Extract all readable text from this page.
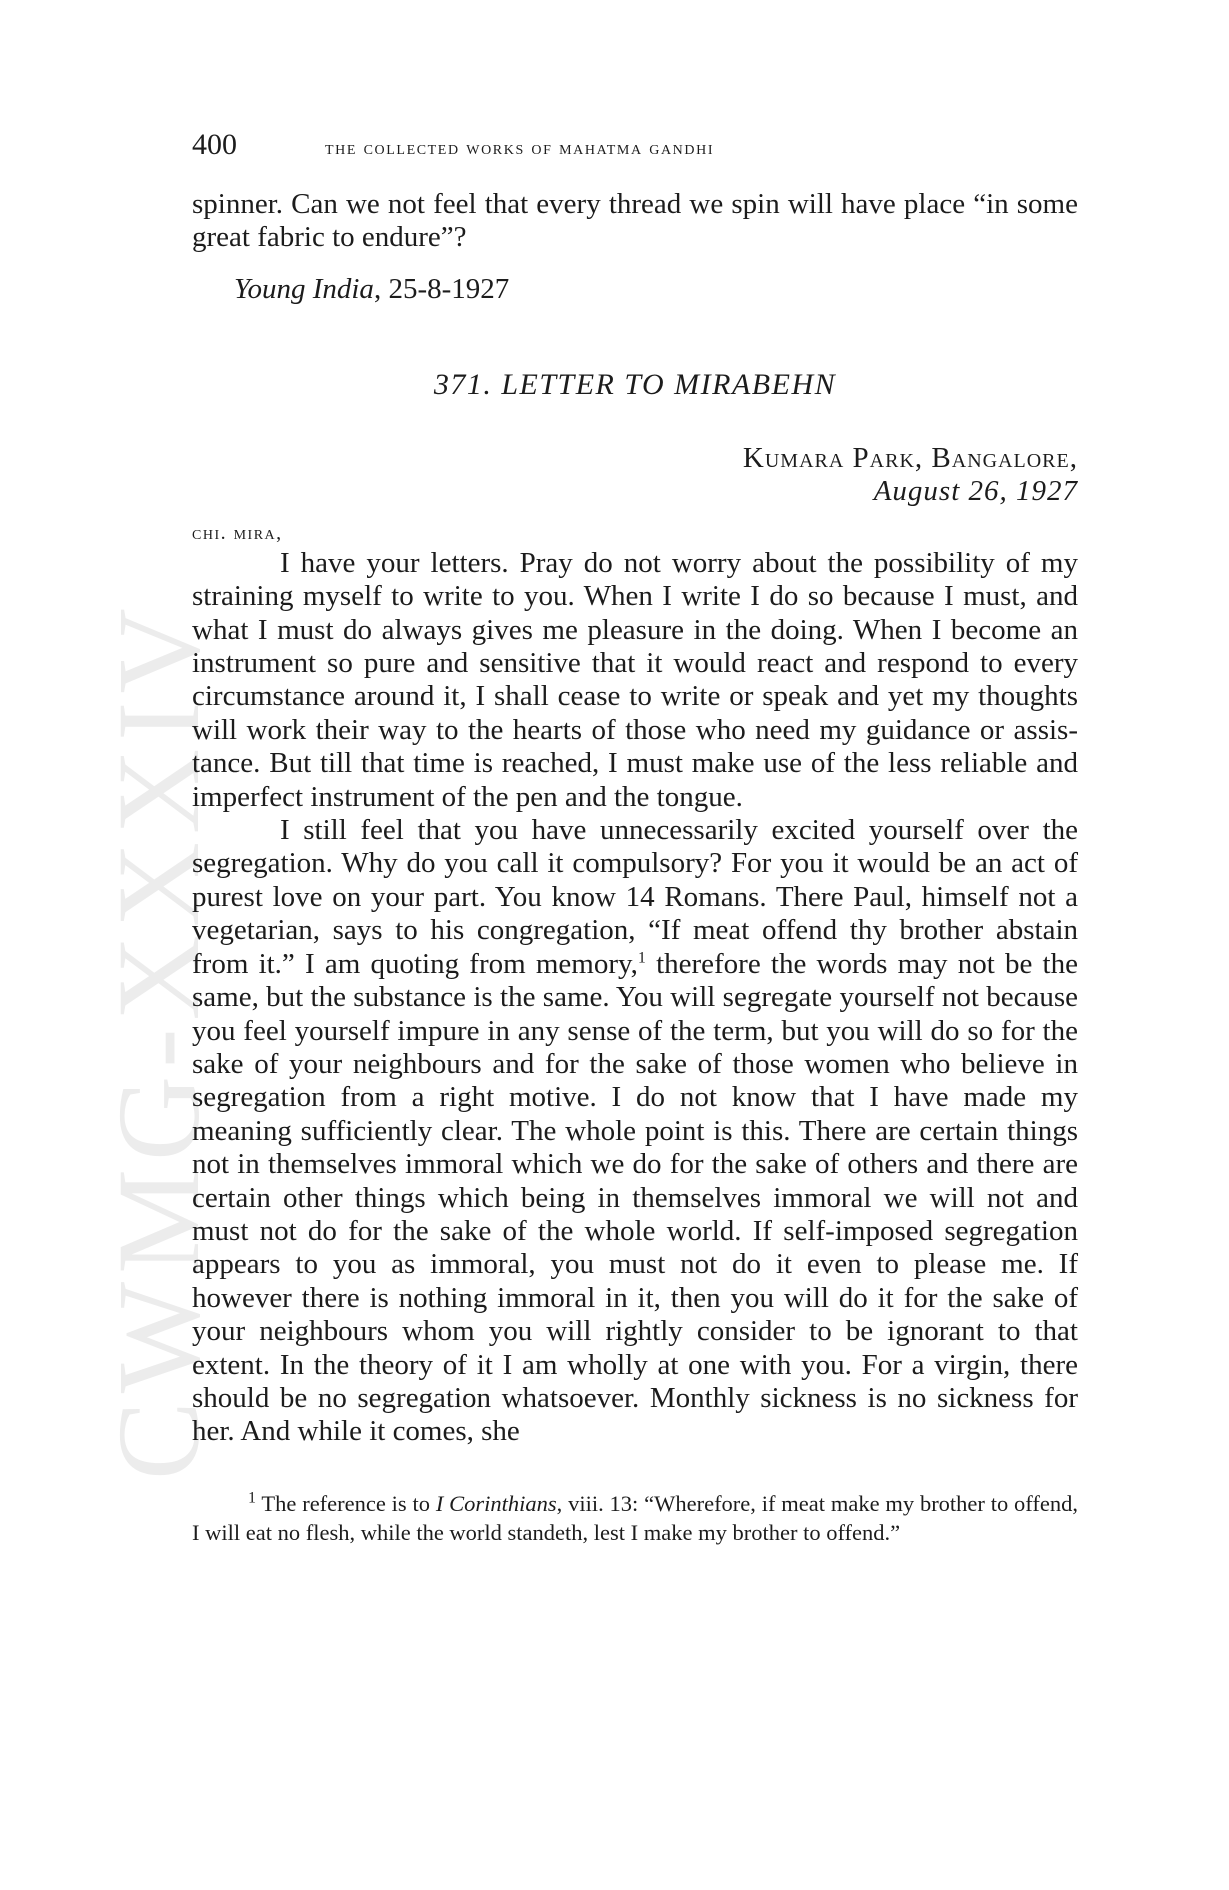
CWMG-XXXIV
400	the collected works of mahatma gandhi

spinner. Can we not feel that every thread we spin will have place “in some great fabric to endure”?

Young India, 25-8-1927
371. LETTER TO MIRABEHN
Kumara Park, Bangalore,
August 26, 1927
chi. mira,

I have your letters. Pray do not worry about the possibility of my straining myself to write to you. When I write I do so because I must, and what I must do always gives me pleasure in the doing. When I become an instrument so pure and sensitive that it would react and respond to every circumstance around it, I shall cease to write or speak and yet my thoughts will work their way to the hearts of those who need my guidance or assistance. But till that time is reached, I must make use of the less reliable and imperfect instrument of the pen and the tongue.

I still feel that you have unnecessarily excited yourself over the segregation. Why do you call it compulsory? For you it would be an act of purest love on your part. You know 14 Romans. There Paul, himself not a vegetarian, says to his congregation, “If meat offend thy brother abstain from it.” I am quoting from memory,$^1$ therefore the words may not be the same, but the substance is the same. You will segregate yourself not because you feel yourself impure in any sense of the term, but you will do so for the sake of your neighbours and for the sake of those women who believe in segregation from a right motive. I do not know that I have made my meaning sufficiently clear. The whole point is this. There are certain things not in themselves immoral which we do for the sake of others and there are certain other things which being in themselves immoral we will not and must not do for the sake of the whole world. If self-imposed segregation appears to you as immoral, you must not do it even to please me. If however there is nothing immoral in it, then you will do it for the sake of your neighbours whom you will rightly consider to be ignorant to that extent. In the theory of it I am wholly at one with you. For a virgin, there should be no segregation whatsoever. Monthly sickness is no sickness for her. And while it comes, she

$^1$ The reference is to I Corinthians, viii. 13: “Wherefore, if meat make my brother to offend, I will eat no flesh, while the world standeth, lest I make my brother to offend.”
